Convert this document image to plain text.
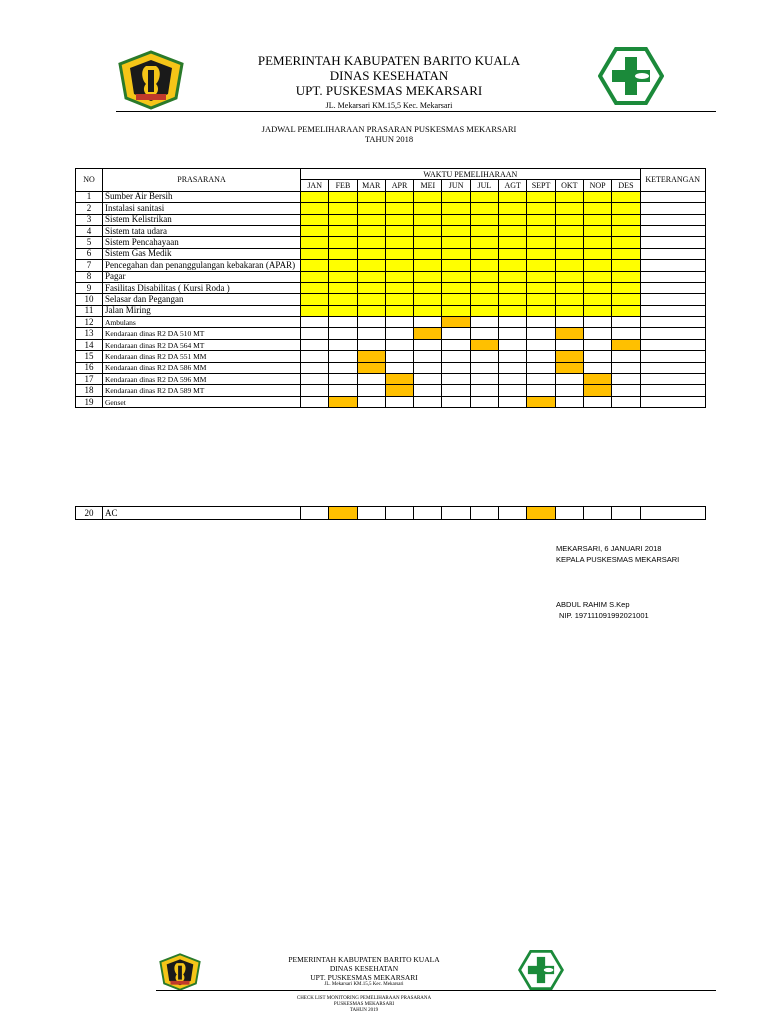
PEMERINTAH KABUPATEN BARITO KUALA
DINAS KESEHATAN
UPT. PUSKESMAS MEKARSARI
JL. Mekarsari KM.15,5 Kec. Mekarsari
JADWAL PEMELIHARAAN PRASARAN PUSKESMAS MEKARSARI
TAHUN 2018
NO	PRASARANA	WAKTU PEMELIHARAAN												KETERANGAN
		JAN	FEB	MAR	APR	MEI	JUN	JUL	AGT	SEPT	OKT	NOP	DES	
1	Sumber Air Bersih													
2	Instalasi sanitasi													
3	Sistem Kelistrikan													
4	Sistem tata udara													
5	Sistem Pencahayaan													
6	Sistem Gas Medik													
7	Pencegahan dan penanggulangan kebakaran (APAR)													
8	Pagar													
9	Fasilitas Disabilitas ( Kursi Roda )													
10	Selasar dan Pegangan													
11	Jalan Miring													
12	Ambulans													
13	Kendaraan dinas R2 DA 510 MT													
14	Kendaraan dinas R2 DA 564 MT													
15	Kendaraan dinas R2 DA 551 MM													
16	Kendaraan dinas R2 DA 586 MM													
17	Kendaraan dinas R2 DA 596 MM													
18	Kendaraan dinas R2 DA 589 MT													
19	Genset													
20	AC													
MEKARSARI, 6 JANUARI 2018
KEPALA PUSKESMAS MEKARSARI
ABDUL RAHIM S.Kep
NIP. 197111091992021001
PEMERINTAH KABUPATEN BARITO KUALA
DINAS KESEHATAN
UPT. PUSKESMAS MEKARSARI
JL. Mekarsari KM.15,5 Kec. Mekarsari
CHECK LIST MONITORING PEMELIHARAAN PRASARANA
PUSKESMAS MEKARSARI
TAHUN 2019
